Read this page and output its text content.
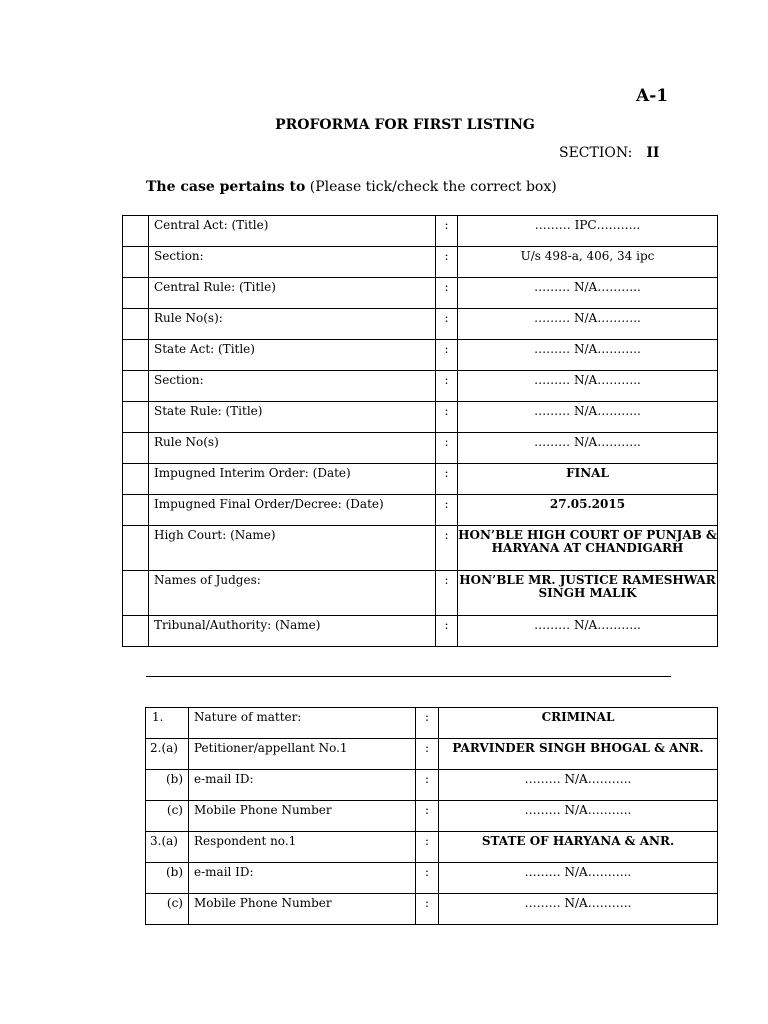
A-1
PROFORMA FOR FIRST LISTING
SECTION: II
The case pertains to (Please tick/check the correct box)

	Central Act: (Title)	:	……… IPC………..

	Section:	:	U/s 498-a, 406, 34 ipc

	Central Rule: (Title)	:	……… N/A………..

	Rule No(s):	:	……… N/A………..

	State Act: (Title)	:	……… N/A………..

	Section:	:	……… N/A………..

	State Rule: (Title)	:	……… N/A………..

	Rule No(s)	:	……… N/A………..

	Impugned Interim Order: (Date)	:	FINAL

	Impugned Final Order/Decree: (Date)	:	27.05.2015

	High Court: (Name)	:	HON’BLE HIGH COURT OF PUNJAB & HARYANA AT CHANDIGARH

	Names of Judges:	:	HON’BLE MR. JUSTICE RAMESHWAR SINGH MALIK

	Tribunal/Authority: (Name)	:	……… N/A………..
1.	Nature of matter:	:	CRIMINAL

2.(a)	Petitioner/appellant No.1	:	PARVINDER SINGH BHOGAL & ANR.

(b)	e-mail ID:	:	……… N/A………..

(c)	Mobile Phone Number	:	……… N/A………..

3.(a)	Respondent no.1	:	STATE OF HARYANA & ANR.

(b)	e-mail ID:	:	……… N/A………..

(c)	Mobile Phone Number	:	……… N/A………..
